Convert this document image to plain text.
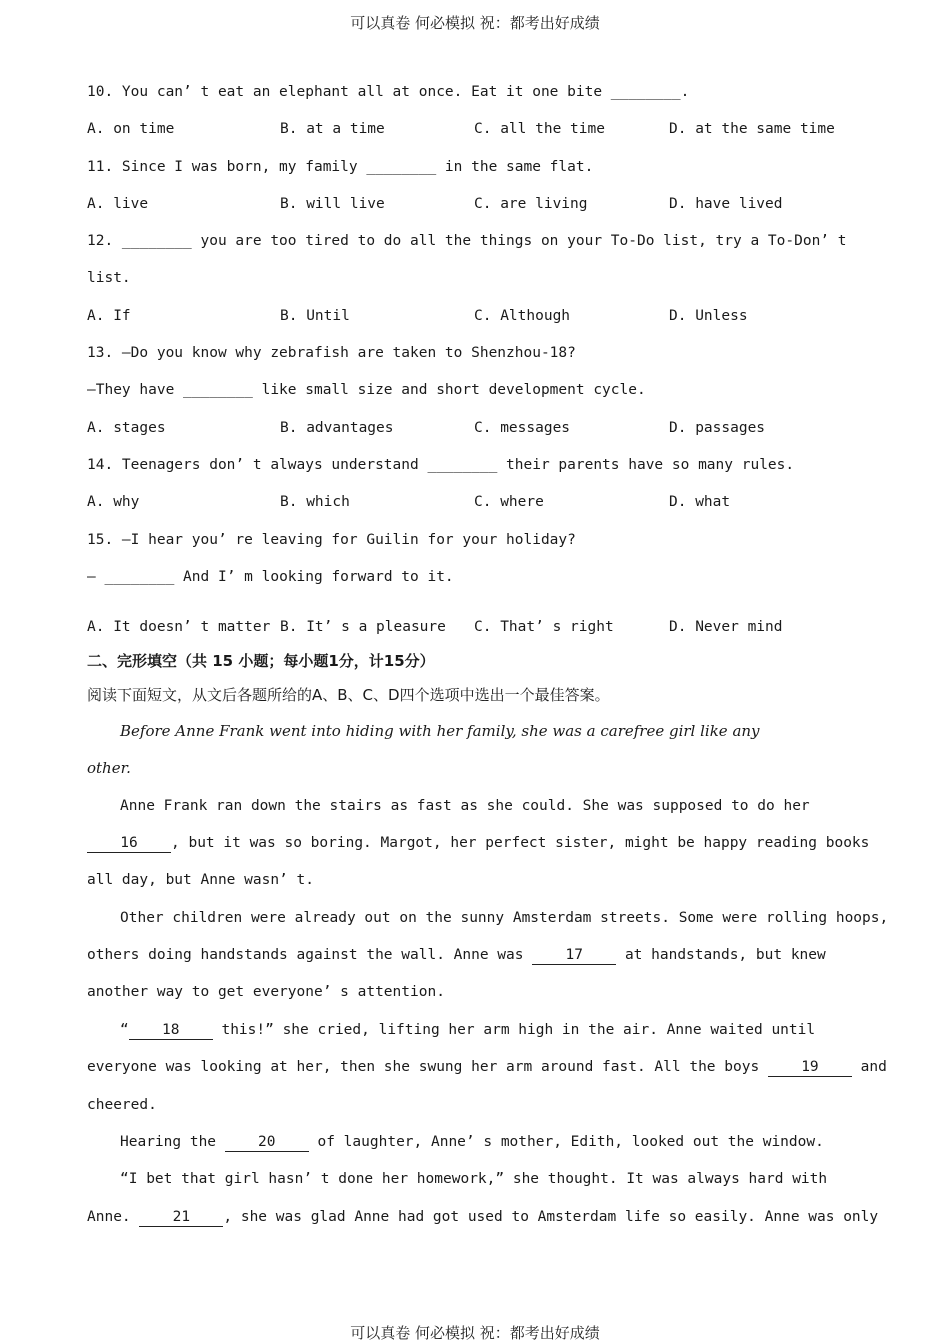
可以真卷 何必模拟 祝：都考出好成绩
10. You can’ t eat an elephant all at once. Eat it one bite ________.
A. on time	B. at a time	C. all the time	D. at the same time
11. Since I was born, my family ________ in the same flat.
A. live	B. will live	C. are living	D. have lived
12. ________ you are too tired to do all the things on your To-Do list, try a To-Don’ t
list.
A. If	B. Until	C. Although	D. Unless
13. —Do you know why zebrafish are taken to Shenzhou-18?
—They have ________ like small size and short development cycle.
A. stages	B. advantages	C. messages	D. passages
14. Teenagers don’ t always understand ________ their parents have so many rules.
A. why	B. which	C. where	D. what
15. —I hear you’ re leaving for Guilin for your holiday?
— ________ And I’ m looking forward to it.
A. It doesn’ t matter B. It’ s a pleasure C. That’ s right	D. Never mind
二、完形填空（共 15 小题；每小题1分，计15分）
阅读下面短文，从文后各题所给的A、B、C、D四个选项中选出一个最佳答案。
Before Anne Frank went into hiding with her family, she was a carefree girl like any
other.
Anne Frank ran down the stairs as fast as she could. She was supposed to do her
16 , but it was so boring. Margot, her perfect sister, might be happy reading books
all day, but Anne wasn’ t.
Other children were already out on the sunny Amsterdam streets. Some were rolling hoops,
others doing handstands against the wall. Anne was 17 at handstands, but knew
another way to get everyone’ s attention.
“ 18 this!” she cried, lifting her arm high in the air. Anne waited until
everyone was looking at her, then she swung her arm around fast. All the boys 19 and
cheered.
Hearing the 20 of laughter, Anne’ s mother, Edith, looked out the window.
“I bet that girl hasn’ t done her homework,” she thought. It was always hard with
Anne. 21 , she was glad Anne had got used to Amsterdam life so easily. Anne was only
可以真卷 何必模拟 祝：都考出好成绩
